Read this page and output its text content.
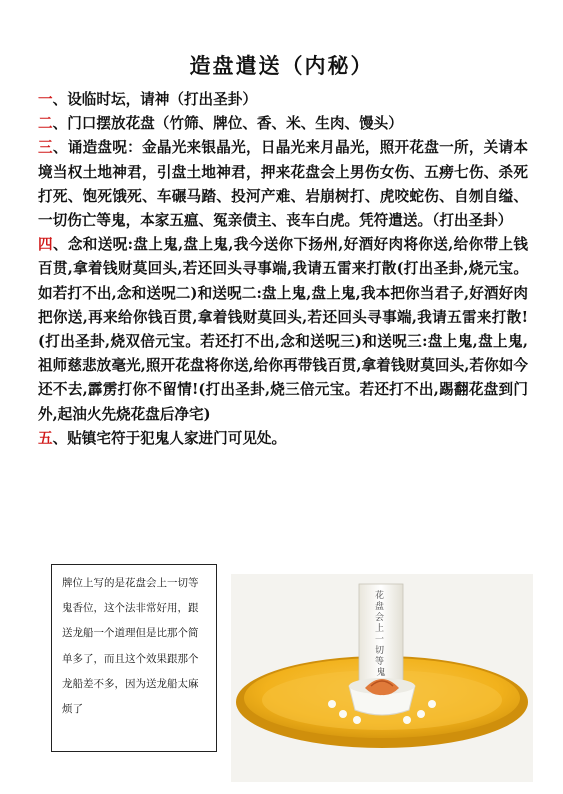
造盘遣送（内秘）

一、设临时坛，请神（打出圣卦）

二、门口摆放花盘（竹筛、牌位、香、米、生肉、馒头）

三、诵造盘呪：金晶光来银晶光，日晶光来月晶光，照开花盘一所，关请本境当权土地神君，引盘土地神君，押来花盘会上男伤女伤、五痨七伤、杀死打死、饱死饿死、车碾马踏、投河产难、岩崩树打、虎咬蛇伤、自刎自缢、一切伤亡等鬼，本家五瘟、冤亲债主、丧车白虎。凭符遣送。（打出圣卦）

四、念和送呪:盘上鬼,盘上鬼,我今送你下扬州,好酒好肉将你送,给你带上钱百贯,拿着钱财莫回头,若还回头寻事端,我请五雷来打散(打出圣卦,烧元宝。如若打不出,念和送呪二)和送呪二:盘上鬼,盘上鬼,我本把你当君子,好酒好肉把你送,再来给你钱百贯,拿着钱财莫回头,若还回头寻事端,我请五雷来打散!(打出圣卦,烧双倍元宝。若还打不出,念和送呪三)和送呪三:盘上鬼,盘上鬼,祖师慈悲放毫光,照开花盘将你送,给你再带钱百贯,拿着钱财莫回头,若你如今还不去,霹雳打你不留情!(打出圣卦,烧三倍元宝。若还打不出,踢翻花盘到门外,起油火先烧花盘后净宅)

五、贴镇宅符于犯鬼人家进门可见处。

牌位上写的是花盘会上一切等鬼香位，这个法非常好用，跟送龙船一个道理但是比那个简单多了，而且这个效果跟那个龙船差不多，因为送龙船太麻烦了
花 盘 会 上 一 切 等 鬼
